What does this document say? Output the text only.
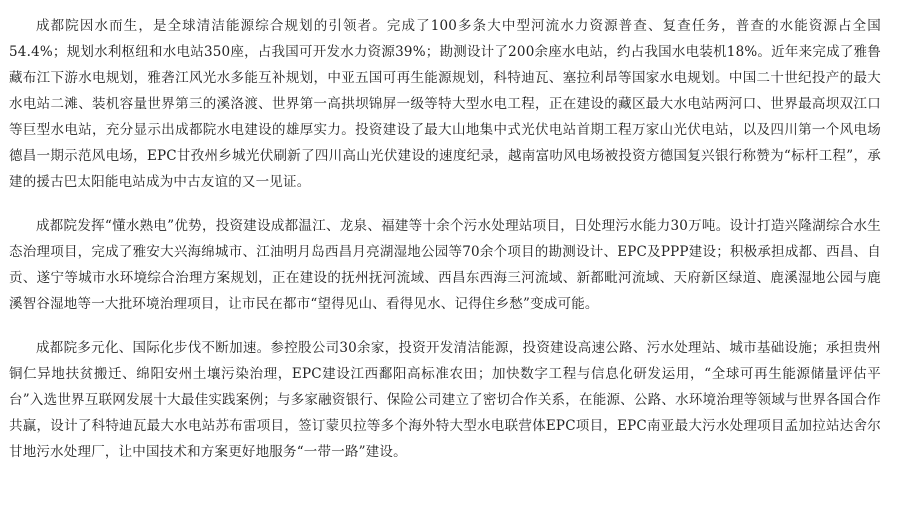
成都院因水而生，是全球清洁能源综合规划的引领者。完成了100多条大中型河流水力资源普查、复查任务，普查的水能资源占全国54.4%；规划水利枢纽和水电站350座，占我国可开发水力资源39%；勘测设计了200余座水电站，约占我国水电装机18%。近年来完成了雅鲁藏布江下游水电规划，雅砻江风光水多能互补规划，中亚五国可再生能源规划，科特迪瓦、塞拉利昂等国家水电规划。中国二十世纪投产的最大水电站二滩、装机容量世界第三的溪洛渡、世界第一高拱坝锦屏一级等特大型水电工程，正在建设的藏区最大水电站两河口、世界最高坝双江口等巨型水电站，充分显示出成都院水电建设的雄厚实力。投资建设了最大山地集中式光伏电站首期工程万家山光伏电站，以及四川第一个风电场德昌一期示范风电场，EPC甘孜州乡城光伏刷新了四川高山光伏建设的速度纪录，越南富叻风电场被投资方德国复兴银行称赞为“标杆工程”，承建的援古巴太阳能电站成为中古友谊的又一见证。

成都院发挥“懂水熟电”优势，投资建设成都温江、龙泉、福建等十余个污水处理站项目，日处理污水能力30万吨。设计打造兴隆湖综合水生态治理项目，完成了雅安大兴海绵城市、江油明月岛西昌月亮湖湿地公园等70余个项目的勘测设计、EPC及PPP建设；积极承担成都、西昌、自贡、遂宁等城市水环境综合治理方案规划，正在建设的抚州抚河流域、西昌东西海三河流域、新都毗河流域、天府新区绿道、鹿溪湿地公园与鹿溪智谷湿地等一大批环境治理项目，让市民在都市“望得见山、看得见水、记得住乡愁”变成可能。

成都院多元化、国际化步伐不断加速。参控股公司30余家，投资开发清洁能源，投资建设高速公路、污水处理站、城市基础设施；承担贵州铜仁异地扶贫搬迁、绵阳安州土壤污染治理，EPC建设江西鄱阳高标准农田；加快数字工程与信息化研发运用，“全球可再生能源储量评估平台”入选世界互联网发展十大最佳实践案例；与多家融资银行、保险公司建立了密切合作关系，在能源、公路、水环境治理等领域与世界各国合作共赢，设计了科特迪瓦最大水电站苏布雷项目，签订蒙贝拉等多个海外特大型水电联营体EPC项目，EPC南亚最大污水处理项目孟加拉站达舍尔甘地污水处理厂，让中国技术和方案更好地服务“一带一路”建设。
